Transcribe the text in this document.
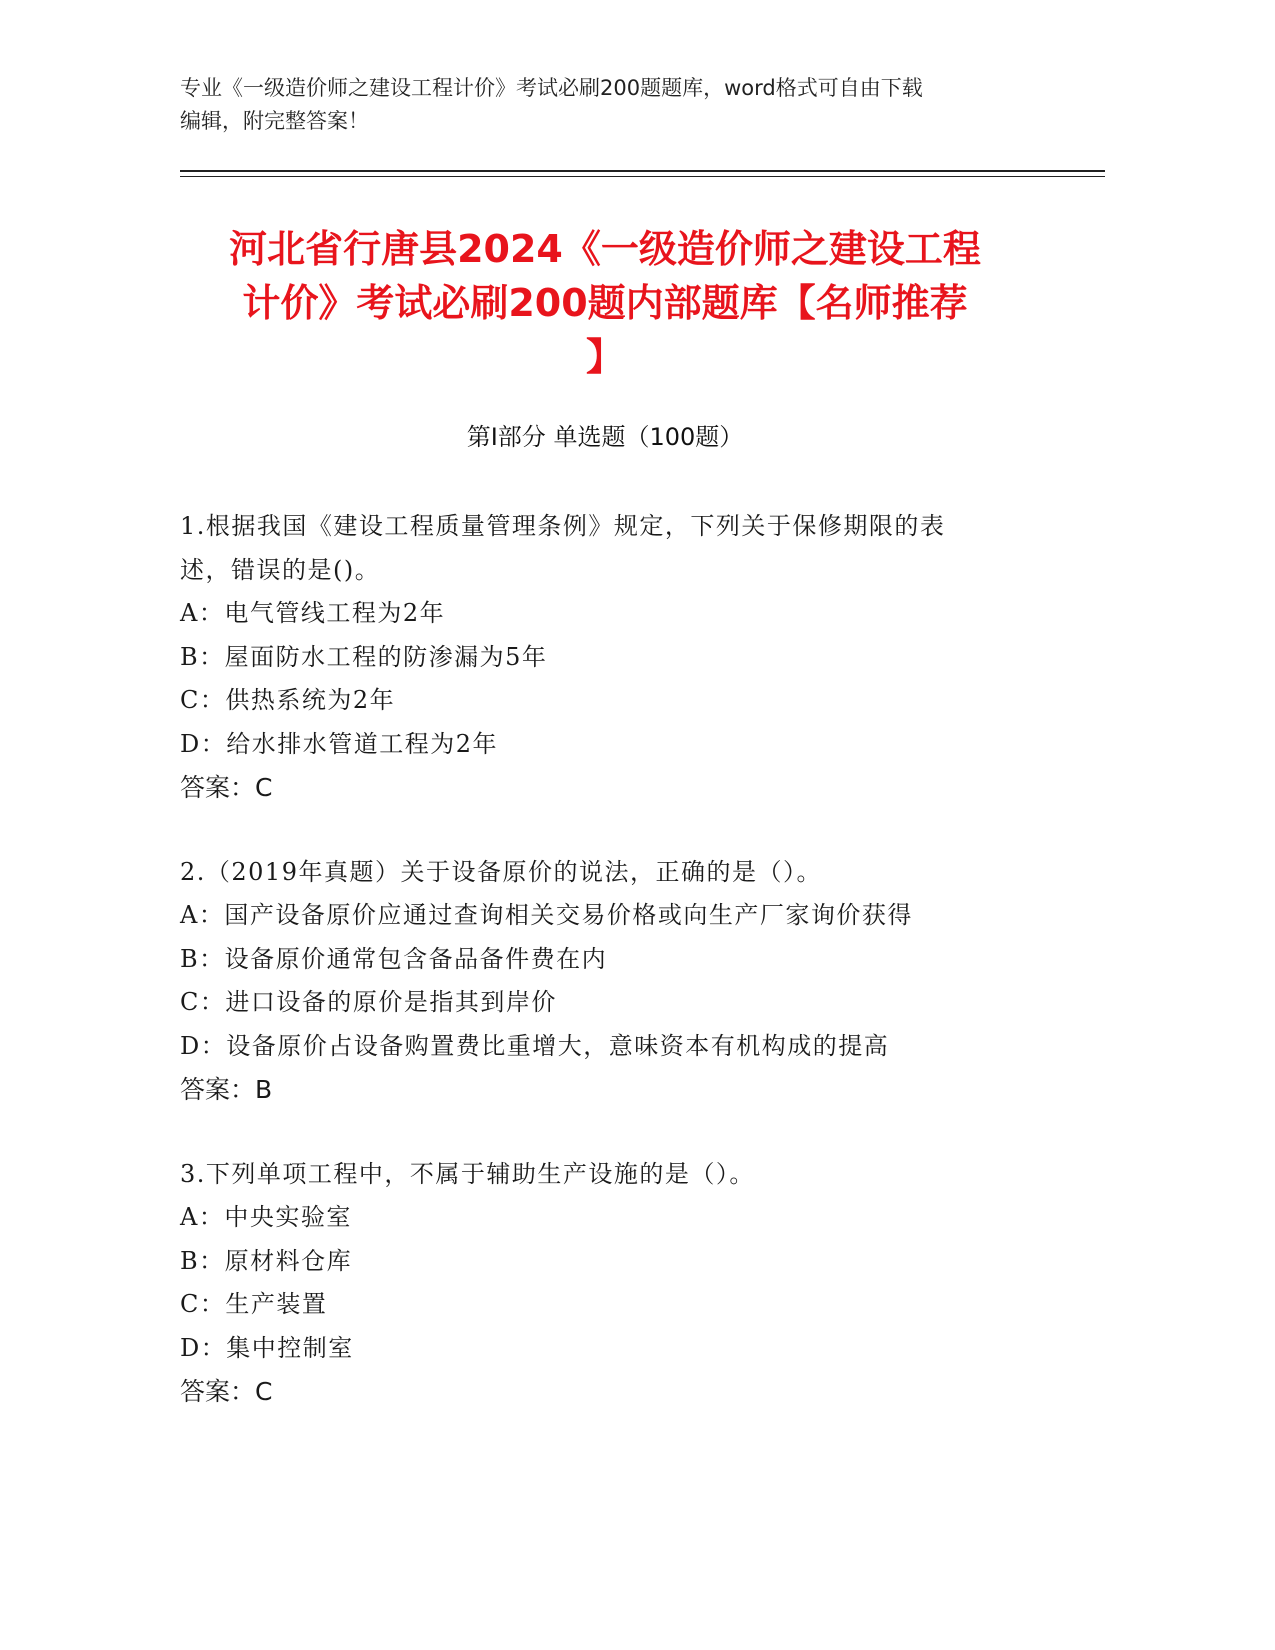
专业《一级造价师之建设工程计价》考试必刷200题题库，word格式可自由下载
编辑，附完整答案！
河北省行唐县2024《一级造价师之建设工程
计价》考试必刷200题内部题库【名师推荐
】
第Ⅰ部分 单选题（100题）
1.根据我国《建设工程质量管理条例》规定，下列关于保修期限的表
述，错误的是()。
A：电气管线工程为2年
B：屋面防水工程的防渗漏为5年
C：供热系统为2年
D：给水排水管道工程为2年
答案：C
2.（2019年真题）关于设备原价的说法，正确的是（）。
A：国产设备原价应通过查询相关交易价格或向生产厂家询价获得
B：设备原价通常包含备品备件费在内
C：进口设备的原价是指其到岸价
D：设备原价占设备购置费比重增大，意味资本有机构成的提高
答案：B
3.下列单项工程中，不属于辅助生产设施的是（）。
A：中央实验室
B：原材料仓库
C：生产装置
D：集中控制室
答案：C
